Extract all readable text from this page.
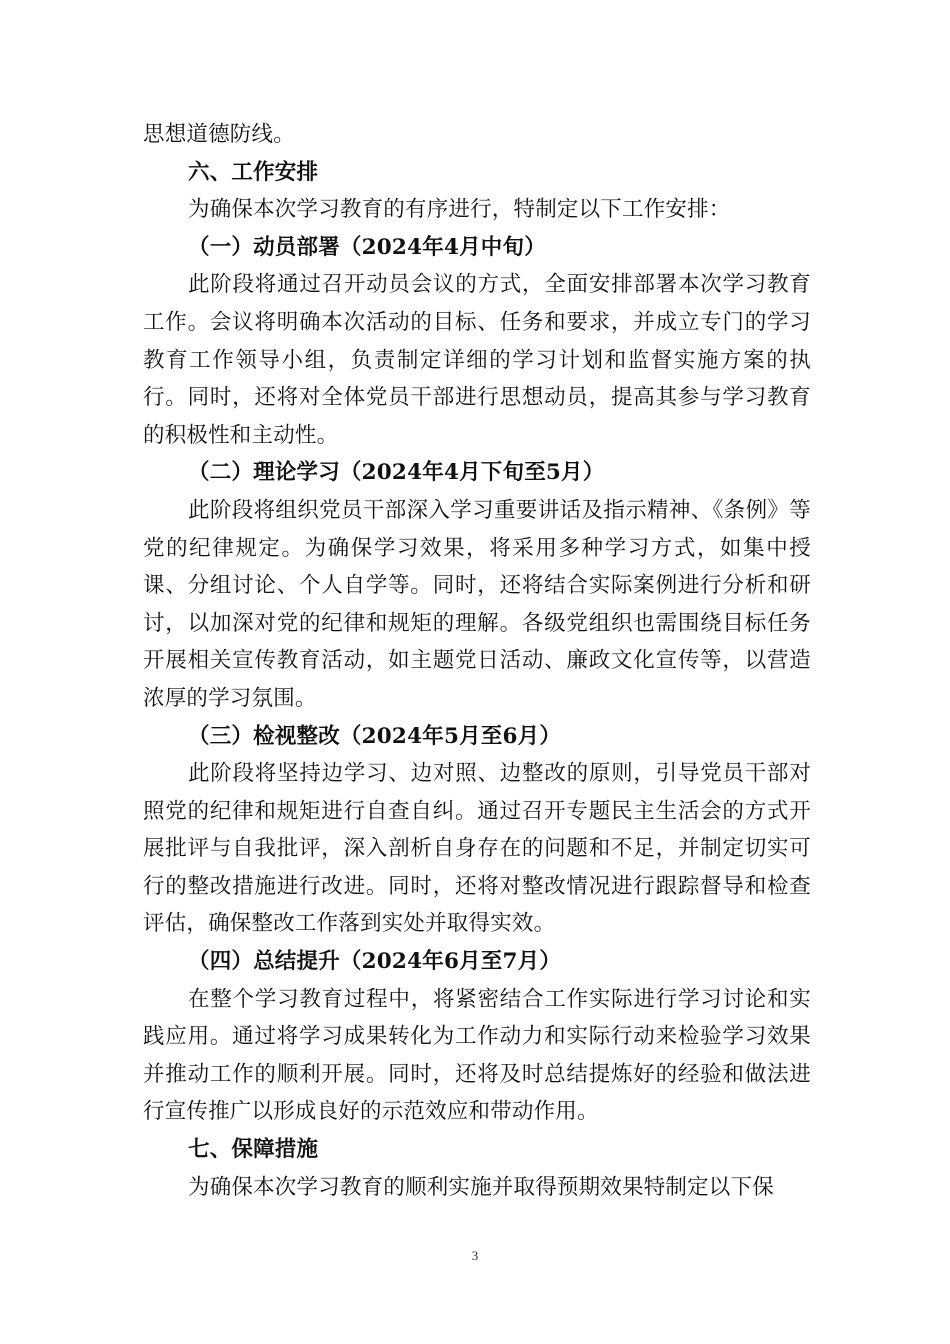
思想道德防线。

六、工作安排

为确保本次学习教育的有序进行，特制定以下工作安排：

（一）动员部署（2024年4月中旬）

此阶段将通过召开动员会议的方式，全面安排部署本次学习教育工作。会议将明确本次活动的目标、任务和要求，并成立专门的学习教育工作领导小组，负责制定详细的学习计划和监督实施方案的执行。同时，还将对全体党员干部进行思想动员，提高其参与学习教育的积极性和主动性。

（二）理论学习（2024年4月下旬至5月）

此阶段将组织党员干部深入学习重要讲话及指示精神、《条例》等党的纪律规定。为确保学习效果，将采用多种学习方式，如集中授课、分组讨论、个人自学等。同时，还将结合实际案例进行分析和研讨，以加深对党的纪律和规矩的理解。各级党组织也需围绕目标任务开展相关宣传教育活动，如主题党日活动、廉政文化宣传等，以营造浓厚的学习氛围。

（三）检视整改（2024年5月至6月）

此阶段将坚持边学习、边对照、边整改的原则，引导党员干部对照党的纪律和规矩进行自查自纠。通过召开专题民主生活会的方式开展批评与自我批评，深入剖析自身存在的问题和不足，并制定切实可行的整改措施进行改进。同时，还将对整改情况进行跟踪督导和检查评估，确保整改工作落到实处并取得实效。

（四）总结提升（2024年6月至7月）

在整个学习教育过程中，将紧密结合工作实际进行学习讨论和实践应用。通过将学习成果转化为工作动力和实际行动来检验学习效果并推动工作的顺利开展。同时，还将及时总结提炼好的经验和做法进行宣传推广以形成良好的示范效应和带动作用。

七、保障措施

为确保本次学习教育的顺利实施并取得预期效果特制定以下保

3
